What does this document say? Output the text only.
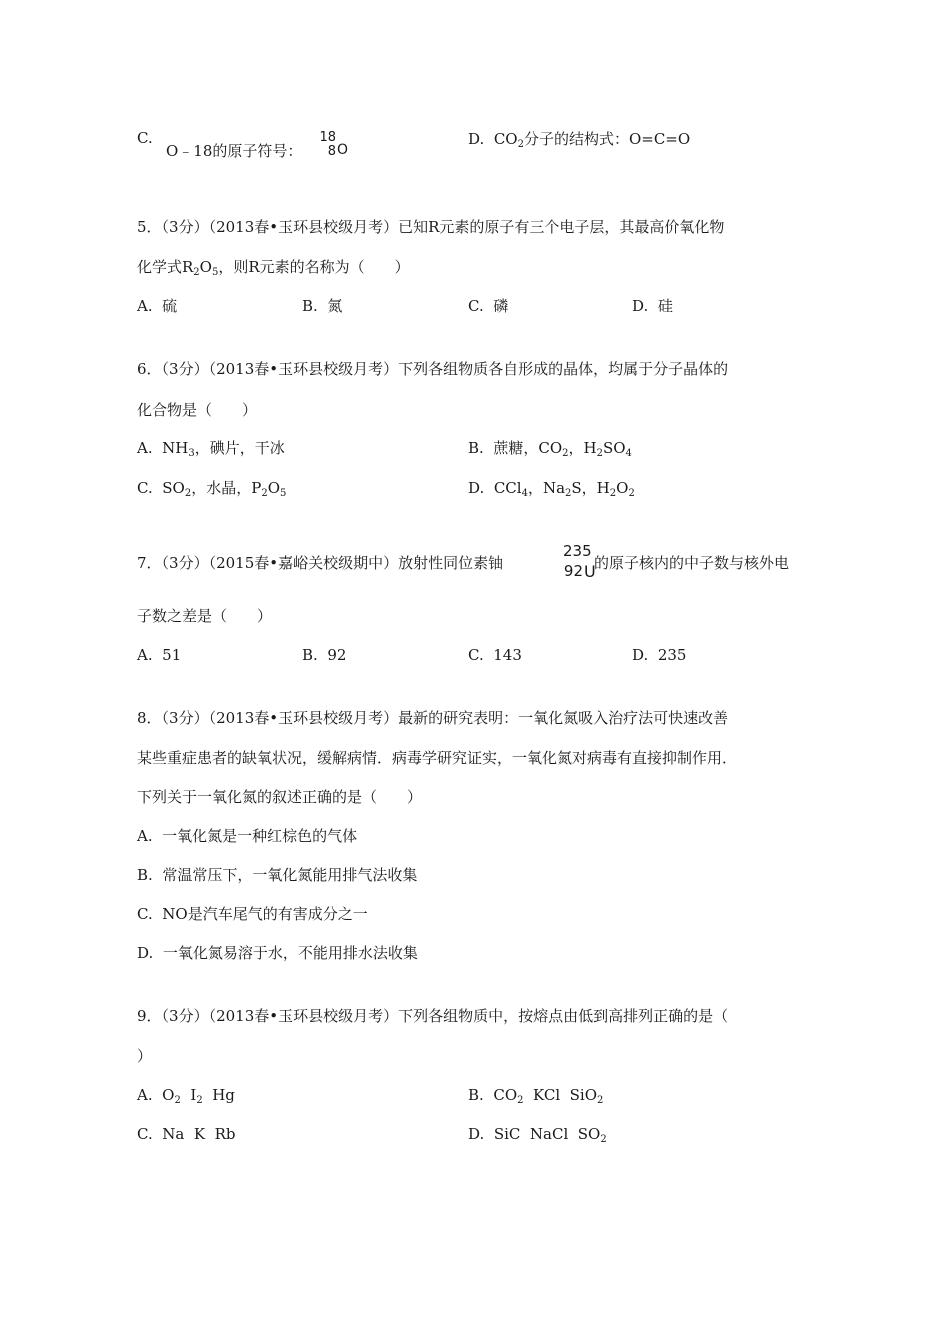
C.
O﹣18的原子符号：
18
8 O
D. $CO_2$分子的结构式：O=C=O
5．（3分）（2013春•玉环县校级月考）已知R元素的原子有三个电子层，其最高价氧化物
化学式$R_2O_5$，则R元素的名称为（　　）
A. 硫	B. 氮	C. 磷	D. 硅
6．（3分）（2013春•玉环县校级月考）下列各组物质各自形成的晶体，均属于分子晶体的
化合物是（　　）
A. $NH_3$，碘片，干冰	B. 蔗糖，$CO_2$，$H_2SO_4$
C. $SO_2$，水晶，$P_2O_5$	D. CCl$_4$，$Na_2S$，$H_2O_2$
7．（3分）（2015春•嘉峪关校级期中）放射性同位素铀
235
92 U
的原子核内的中子数与核外电
子数之差是（　　）
A. 51	B. 92	C. 143	D. 235
8．（3分）（2013春•玉环县校级月考）最新的研究表明：一氧化氮吸入治疗法可快速改善
某些重症患者的缺氧状况，缓解病情．病毒学研究证实，一氧化氮对病毒有直接抑制作用．
下列关于一氧化氮的叙述正确的是（　　）
A. 一氧化氮是一种红棕色的气体
B. 常温常压下，一氧化氮能用排气法收集
C. NO是汽车尾气的有害成分之一
D. 一氧化氮易溶于水，不能用排水法收集
9．（3分）（2013春•玉环县校级月考）下列各组物质中，按熔点由低到高排列正确的是（
）
A. $O_2$  $I_2$  Hg	B. $CO_2$  KCl  SiO$_2$
C. Na  K  Rb	D. SiC  NaCl  $SO_2$
